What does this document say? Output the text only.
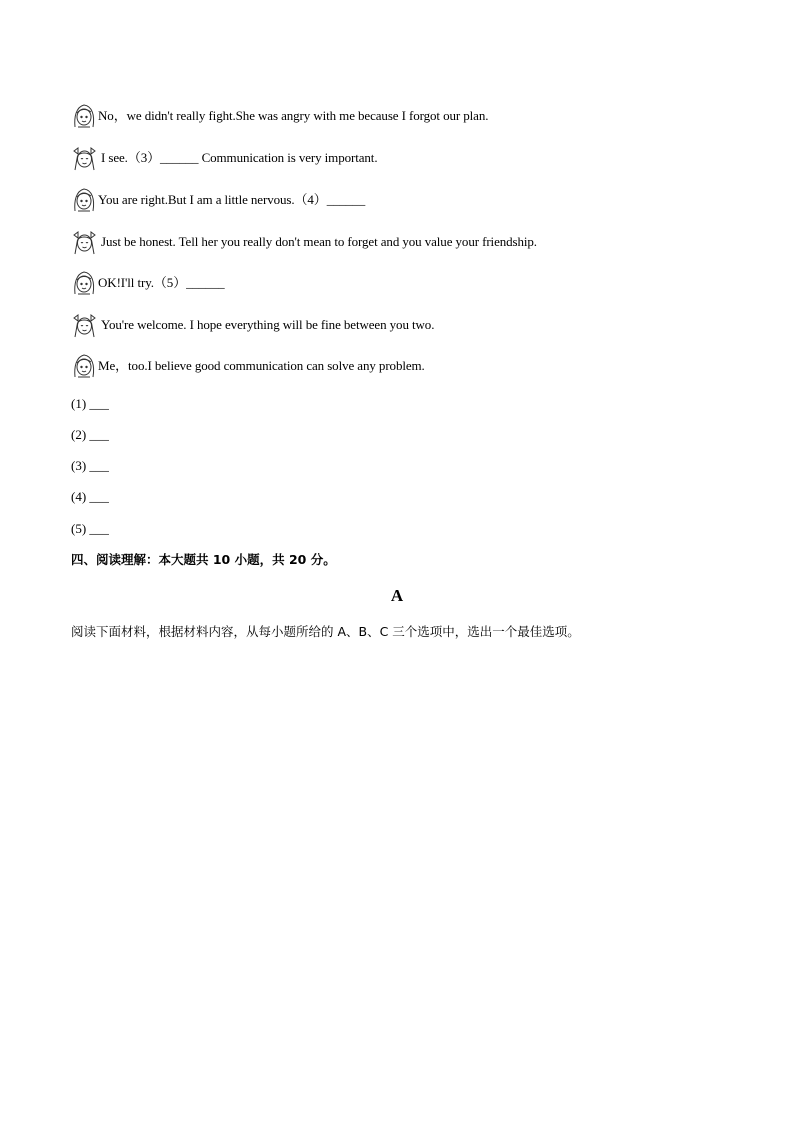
No，we didn't really fight.She was angry with me because I forgot our plan.
I see.（3）______ Communication is very important.
You are right.But I am a little nervous.（4）______
Just be honest. Tell her you really don't mean to forget and you value your friendship.
OK!I'll try.（5）______
You're welcome. I hope everything will be fine between you two.
Me，too.I believe good communication can solve any problem.
(1) ___
(2) ___
(3) ___
(4) ___
(5) ___
四、阅读理解：本大题共 10 小题，共 20 分。
A
阅读下面材料，根据材料内容，从每小题所给的 A、B、C 三个选项中，选出一个最佳选项。
